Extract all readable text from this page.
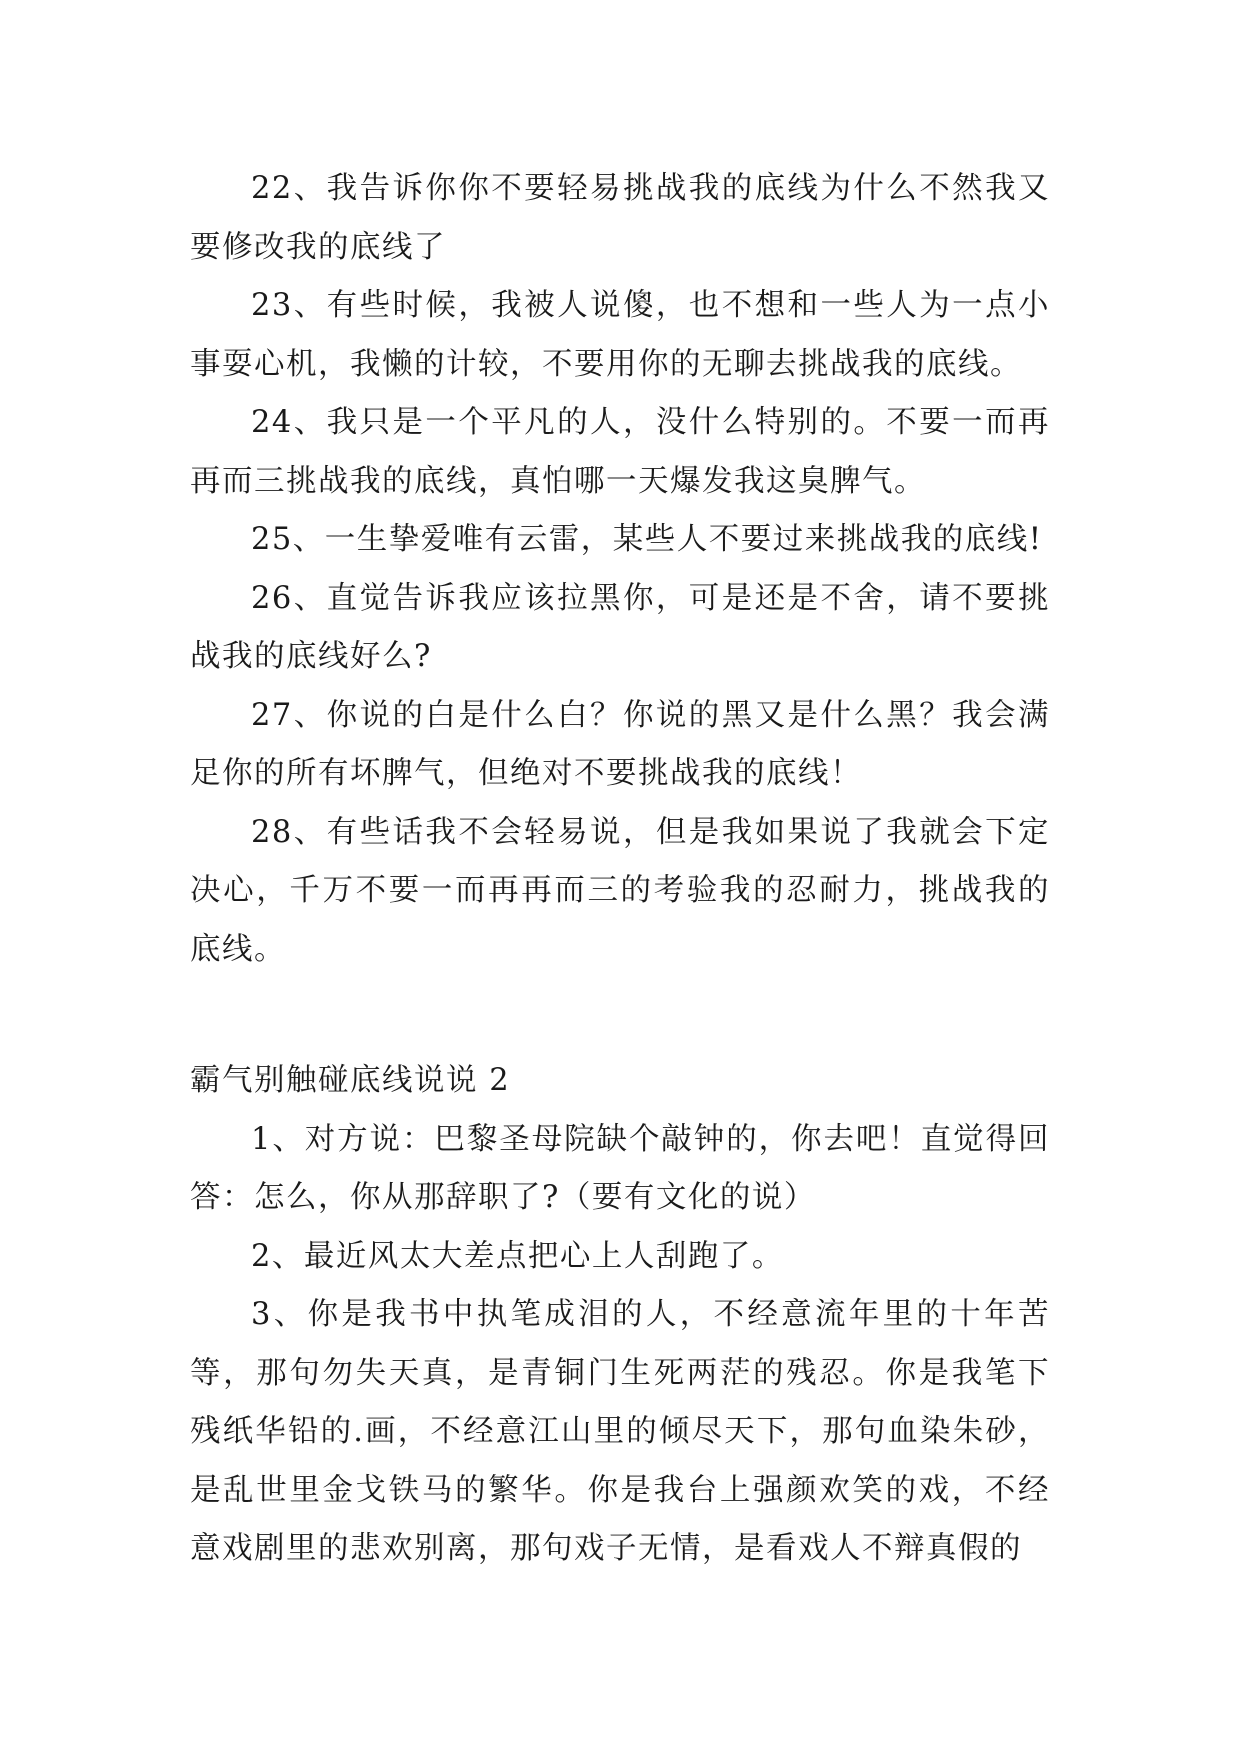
22、我告诉你你不要轻易挑战我的底线为什么不然我又要修改我的底线了

23、有些时候，我被人说傻，也不想和一些人为一点小事耍心机，我懒的计较，不要用你的无聊去挑战我的底线。

24、我只是一个平凡的人，没什么特别的。不要一而再再而三挑战我的底线，真怕哪一天爆发我这臭脾气。

25、一生挚爱唯有云雷，某些人不要过来挑战我的底线!

26、直觉告诉我应该拉黑你，可是还是不舍，请不要挑战我的底线好么?

27、你说的白是什么白？你说的黑又是什么黑？我会满足你的所有坏脾气，但绝对不要挑战我的底线！

28、有些话我不会轻易说，但是我如果说了我就会下定决心，千万不要一而再再而三的考验我的忍耐力，挑战我的底线。

霸气别触碰底线说说 2

1、对方说：巴黎圣母院缺个敲钟的，你去吧！直觉得回答：怎么，你从那辞职了?（要有文化的说）

2、最近风太大差点把心上人刮跑了。

3、你是我书中执笔成泪的人，不经意流年里的十年苦等，那句勿失天真，是青铜门生死两茫的残忍。你是我笔下残纸华铅的.画，不经意江山里的倾尽天下，那句血染朱砂，是乱世里金戈铁马的繁华。你是我台上强颜欢笑的戏，不经意戏剧里的悲欢别离，那句戏子无情，是看戏人不辩真假的
